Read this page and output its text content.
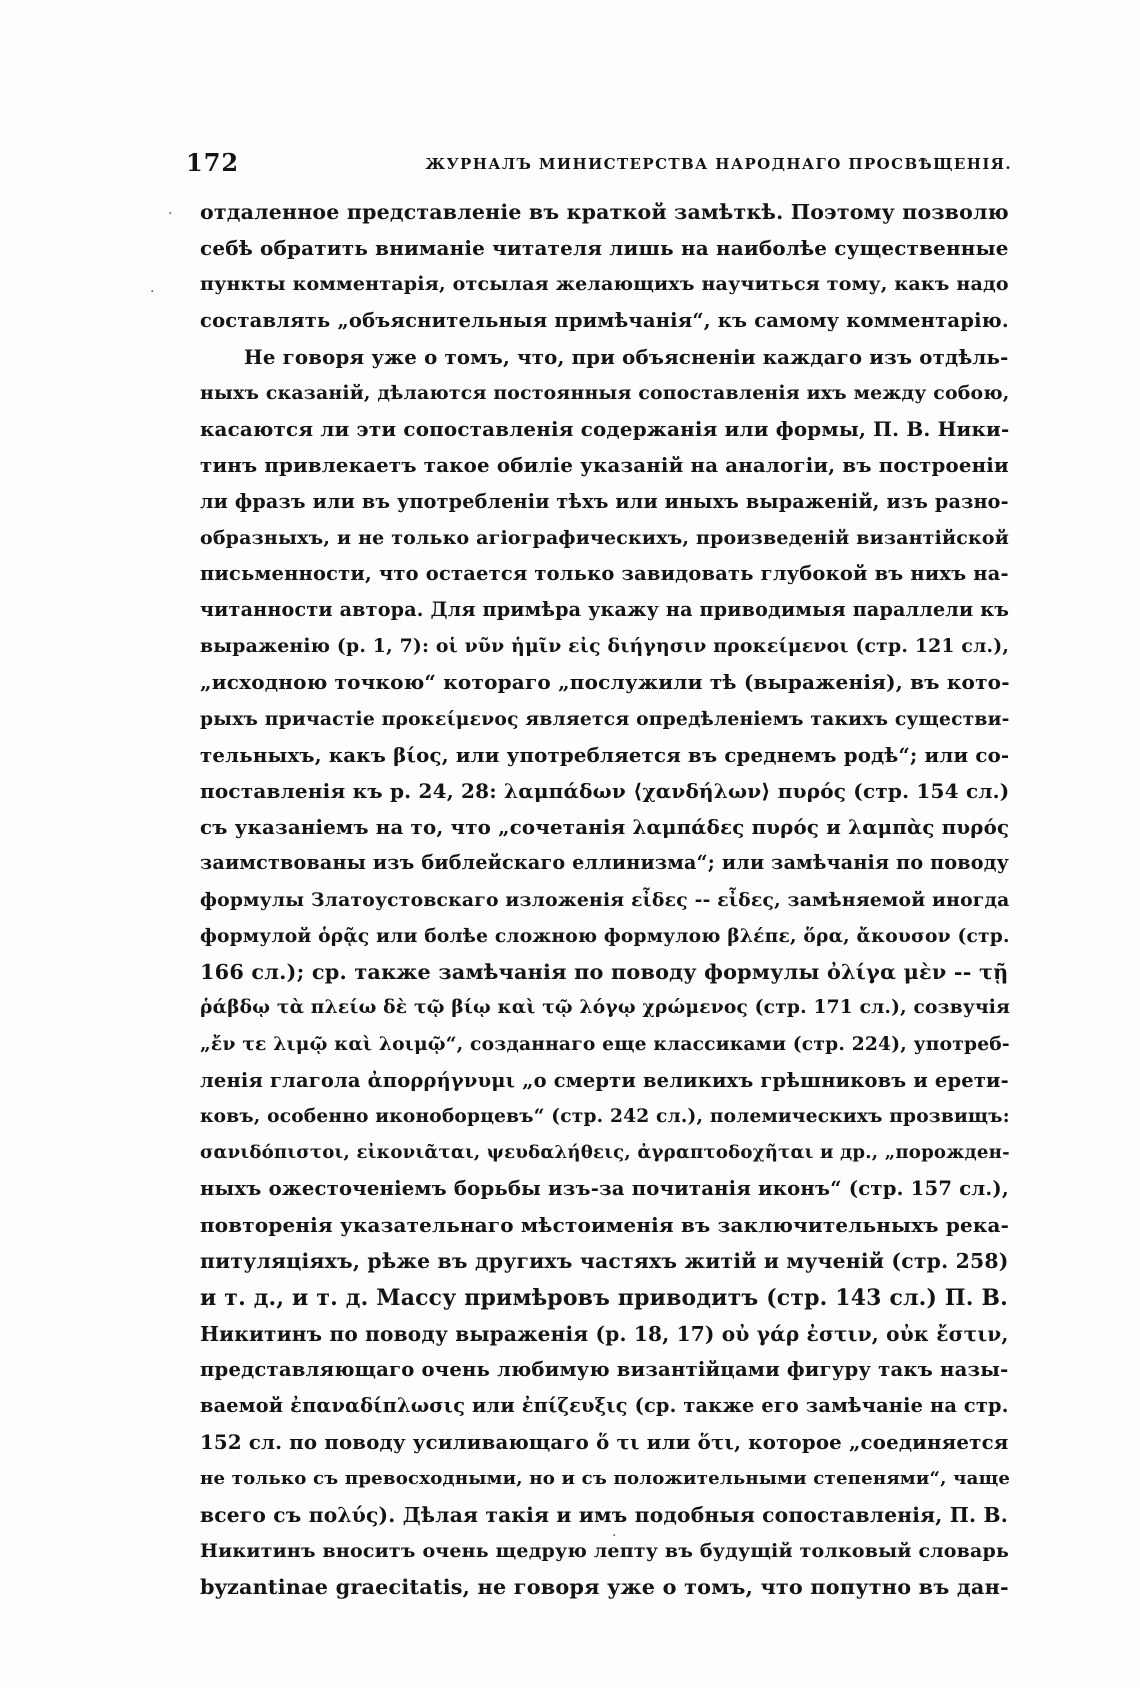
172	ЖУРНАЛЪ МИНИСТЕРСТВА НАРОДНАГО ПРОСВѢЩЕНІЯ.
отдаленное представленіе въ краткой замѣткѣ. Поэтому позволю
себѣ обратить вниманіе читателя лишь на наиболѣе существенные
пункты комментарія, отсылая желающихъ научиться тому, какъ надо
составлять „объяснительныя примѣчанія“, къ самому комментарію.
Не говоря уже о томъ, что, при объясненіи каждаго изъ отдѣль-
ныхъ сказаній, дѣлаются постоянныя сопоставленія ихъ между собою,
касаются ли эти сопоставленія содержанія или формы, П. В. Ники-
тинъ привлекаетъ такое обиліе указаній на аналогіи, въ построеніи
ли фразъ или въ употребленіи тѣхъ или иныхъ выраженій, изъ разно-
образныхъ, и не только агіографическихъ, произведеній византійской
письменности, что остается только завидовать глубокой въ нихъ на-
читанности автора. Для примѣра укажу на приводимыя параллели къ
выраженію (р. 1, 7): οἱ νῦν ἡμῖν εἰς διήγησιν προκείμενοι (стр. 121 сл.),
„исходною точкою“ котораго „послужили тѣ (выраженія), въ кото-
рыхъ причастіе προκείμενος является опредѣленіемъ такихъ существи-
тельныхъ, какъ βίος, или употребляется въ среднемъ родѣ“; или со-
поставленія къ р. 24, 28: λαμπάδων ⟨χανδήλων⟩ πυρός (стр. 154 сл.)
съ указаніемъ на то, что „сочетанія λαμπάδες πυρός и λαμπὰς πυρός
заимствованы изъ библейскаго еллинизма“; или замѣчанія по поводу
формулы Златоустовскаго изложенія εἶδες -- εἶδες, замѣняемой иногда
формулой ὁρᾷς или болѣе сложною формулою βλέπε, ὅρα, ἄκουσον (стр.
166 сл.); ср. также замѣчанія по поводу формулы ὀλίγα μὲν -- τῇ
ῥάβδῳ τὰ πλείω δὲ τῷ βίῳ καὶ τῷ λόγῳ χρώμενος (стр. 171 сл.), созвучія
„ἔν τε λιμῷ καὶ λοιμῷ“, созданнаго еще классиками (стр. 224), употреб-
ленія глагола ἀπορρήγνυμι „о смерти великихъ грѣшниковъ и ерети-
ковъ, особенно иконоборцевъ“ (стр. 242 сл.), полемическихъ прозвищъ:
σανιδόπιστοι, εἰκονιᾶται, ψευδαλήθεις, ἀγραπτοδοχῆται и др., „порожден-
ныхъ ожесточеніемъ борьбы изъ-за почитанія иконъ“ (стр. 157 сл.),
повторенія указательнаго мѣстоименія въ заключительныхъ река-
питуляціяхъ, рѣже въ другихъ частяхъ житій и мученій (стр. 258)
и т. д., и т. д. Массу примѣровъ приводитъ (стр. 143 сл.) П. В.
Никитинъ по поводу выраженія (р. 18, 17) οὐ γάρ ἐστιν, οὐκ ἔστιν,
представляющаго очень любимую византійцами фигуру такъ назы-
ваемой ἐπαναδίπλωσις или ἐπίζευξις (ср. также его замѣчаніе на стр.
152 сл. по поводу усиливающаго ὅ τι или ὅτι, которое „соединяется
не только съ превосходными, но и съ положительными степенями“, чаще
всего съ πολύς). Дѣлая такія и имъ подобныя сопоставленія, П. В.
Никитинъ вноситъ очень щедрую лепту въ будущій толковый словарь
byzantinae graecitatis, не говоря уже о томъ, что попутно въ дан-
·
·
·
